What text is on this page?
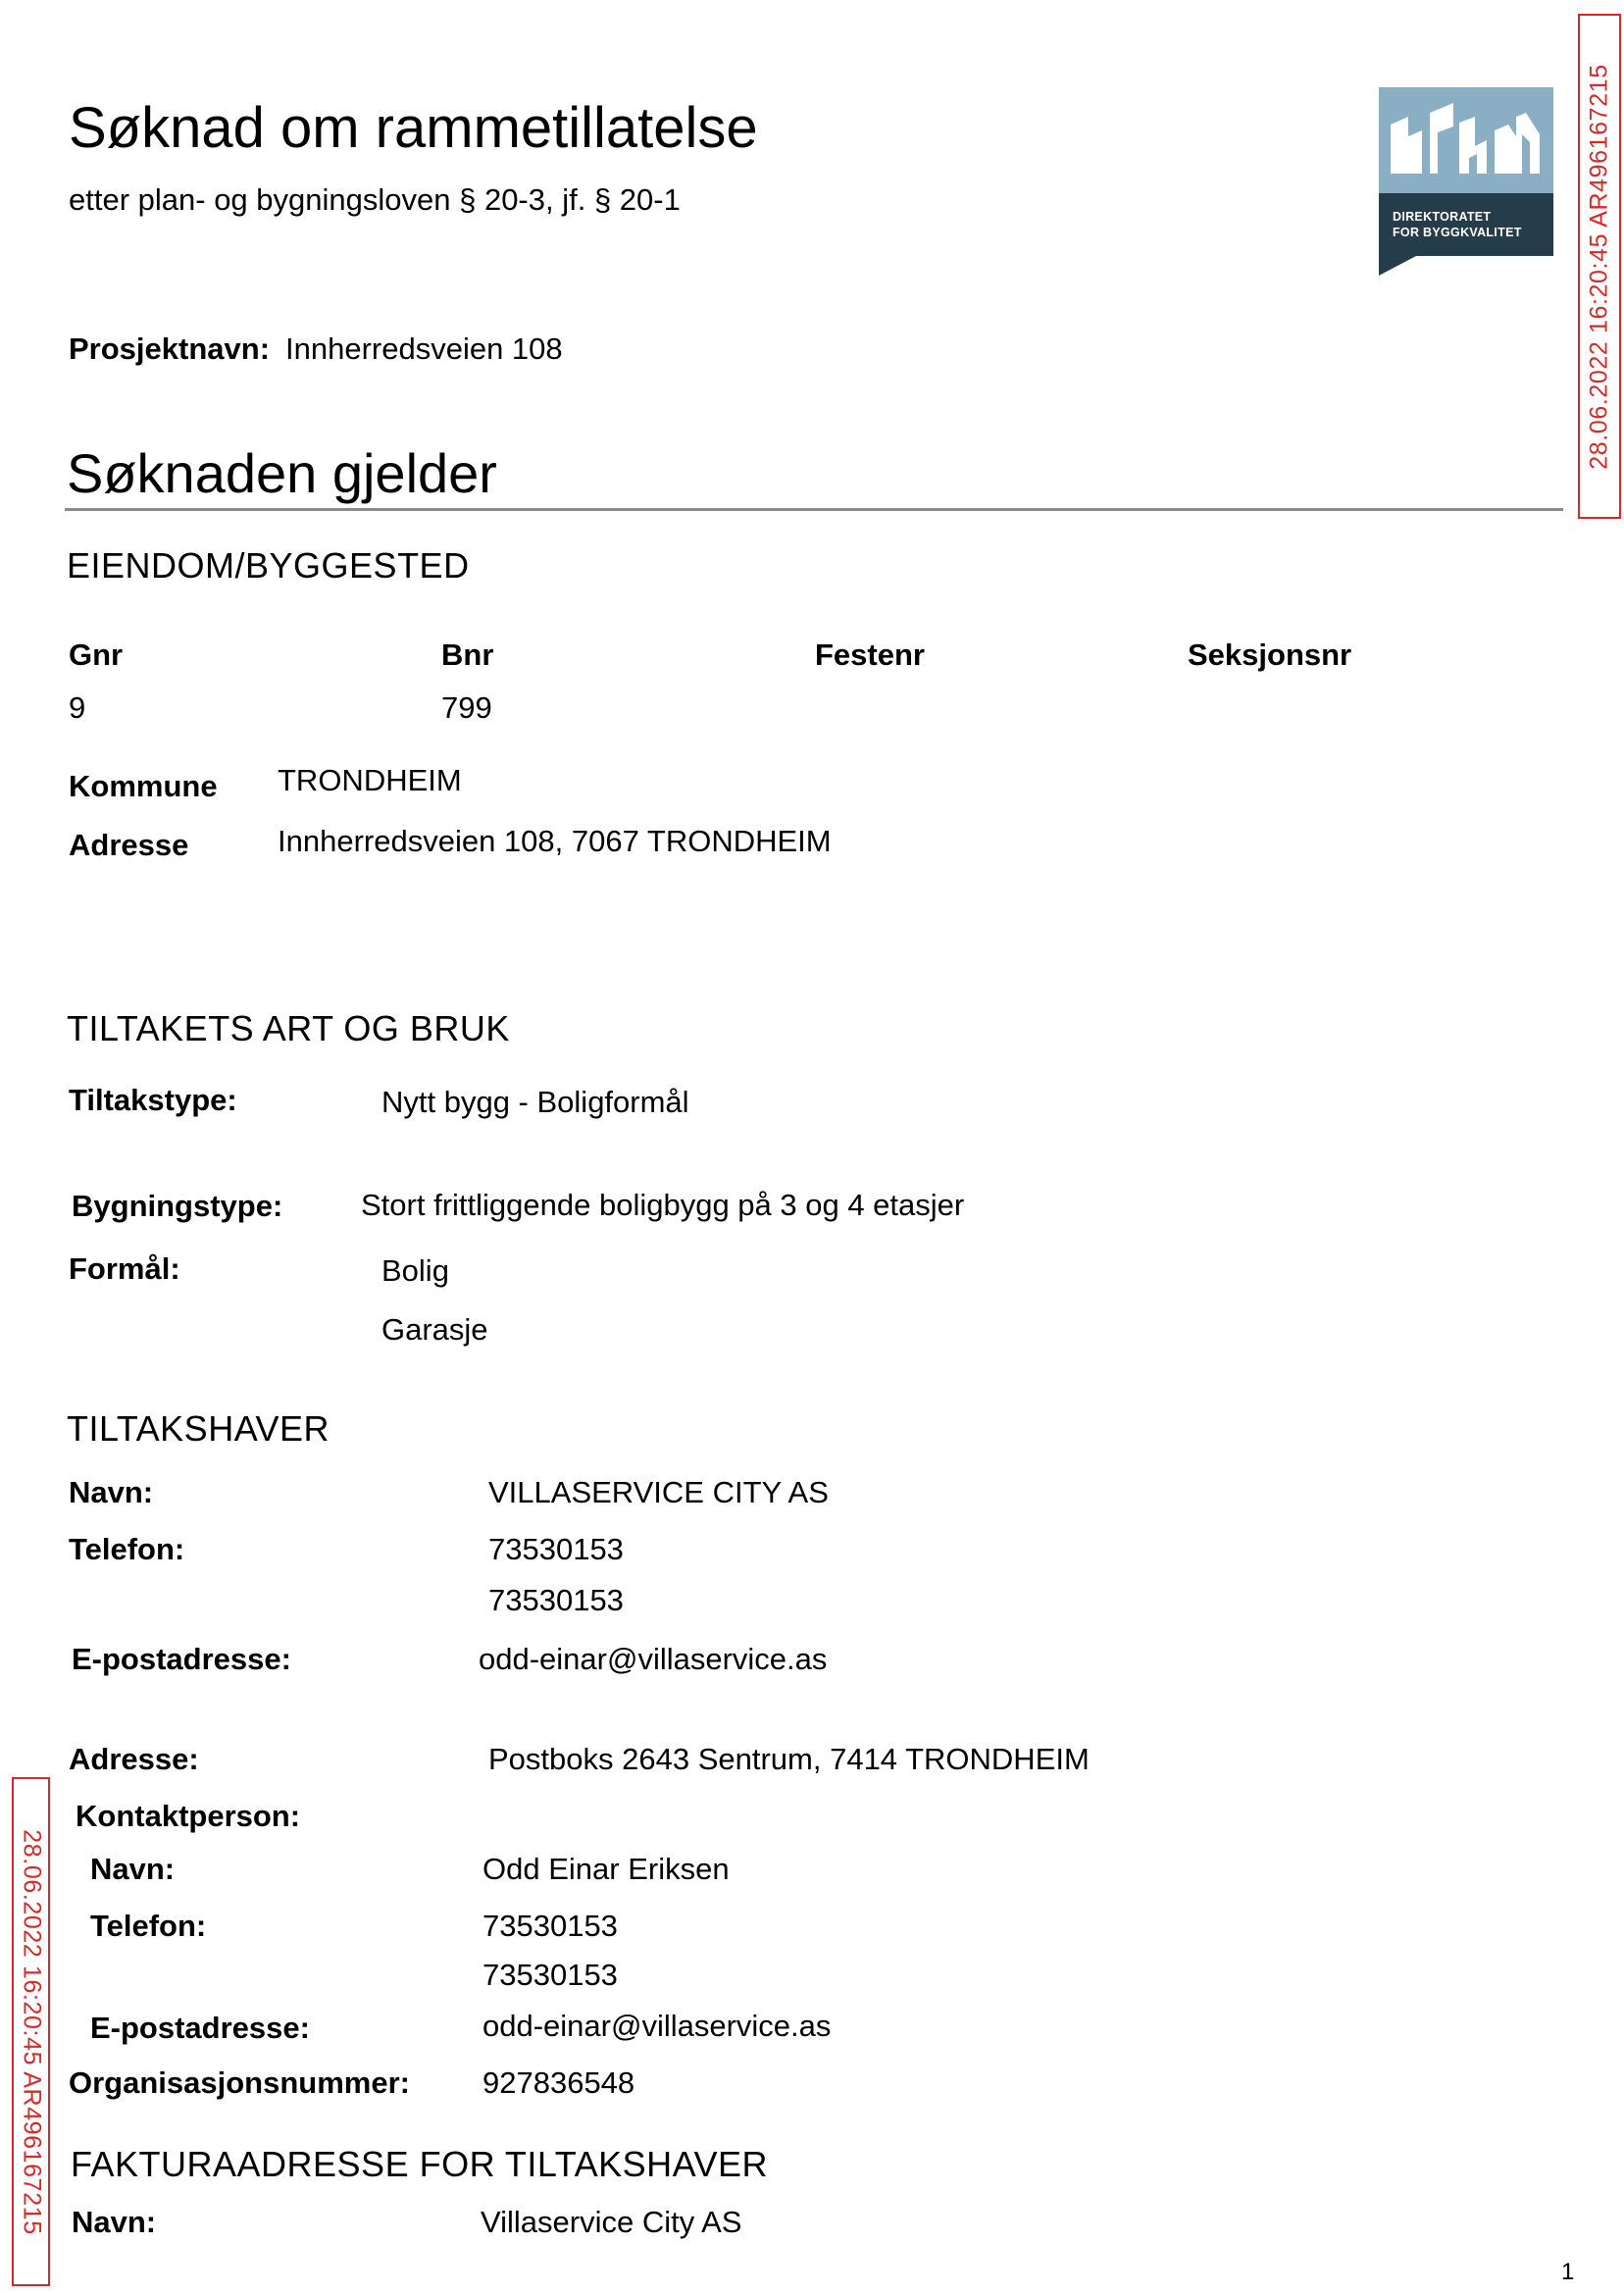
Søknad om rammetillatelse
etter plan- og bygningsloven § 20-3, jf. § 20-1	DIREKTORATET
FOR BYGGKVALITET	28.06.2022 16:20:45 AR496167215
28.06.2022 16:20:45 AR496167215
Prosjektnavn: Innherredsveien 108
Søknaden gjelder
EIENDOM/BYGGESTED
Gnr	Bnr	Festenr	Seksjonsnr
9	799
Kommune TRONDHEIM
Adresse	Innherredsveien 108, 7067 TRONDHEIM
TILTAKETS ART OG BRUK
Tiltakstype:	Nytt bygg - Boligformål
Bygningstype:	Stort frittliggende boligbygg på 3 og 4 etasjer
Formål:	Bolig
Garasje
TILTAKSHAVER
Navn:	VILLASERVICE CITY AS
Telefon:	73530153
73530153
E-postadresse:	odd-einar@villaservice.as
Adresse:	Postboks 2643 Sentrum, 7414 TRONDHEIM
Kontaktperson:
Navn:	Odd Einar Eriksen
Telefon:	73530153
73530153
E-postadresse:	odd-einar@villaservice.as
Organisasjonsnummer: 927836548
FAKTURAADRESSE FOR TILTAKSHAVER
Navn:	Villaservice City AS
1
